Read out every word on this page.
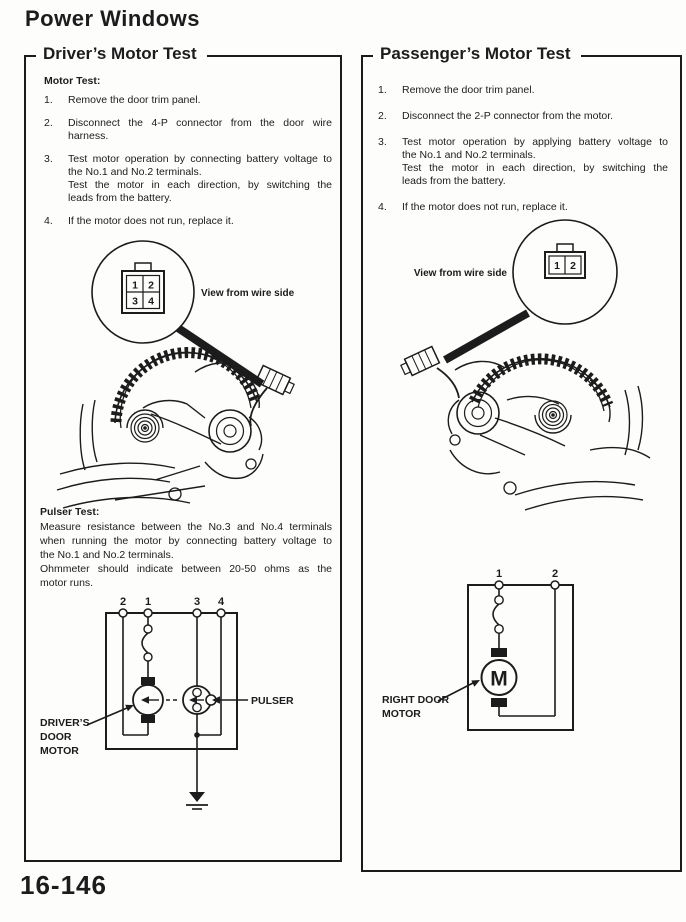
Power Windows
Driver’s Motor Test
Motor Test:
1.	Remove the door trim panel.
2.	Disconnect the 4-P connector from the door wire
harness.
3.	Test motor operation by connecting battery voltage to
the No.1 and No.2 terminals.
Test the motor in each direction, by switching the
leads from the battery.
4.	If the motor does not run, replace it.
1 2
3 4
View from wire side
Pulser Test:
Measure resistance between the No.3 and No.4 terminals
when running the motor by connecting battery voltage to
the No.1 and No.2 terminals.
Ohmmeter should indicate between 20-50 ohms as the
motor runs.
2 1	3 4
PULSER
DRIVER’S
DOOR
MOTOR
Passenger’s Motor Test
1.	Remove the door trim panel.
2.	Disconnect the 2-P connector from the motor.
3.	Test motor operation by applying battery voltage to
the No.1 and No.2 terminals.
Test the motor in each direction, by switching the
leads from the battery.
4.	If the motor does not run, replace it.
1 2
View from wire side
M
1	2
RIGHT DOOR
MOTOR
16-146
